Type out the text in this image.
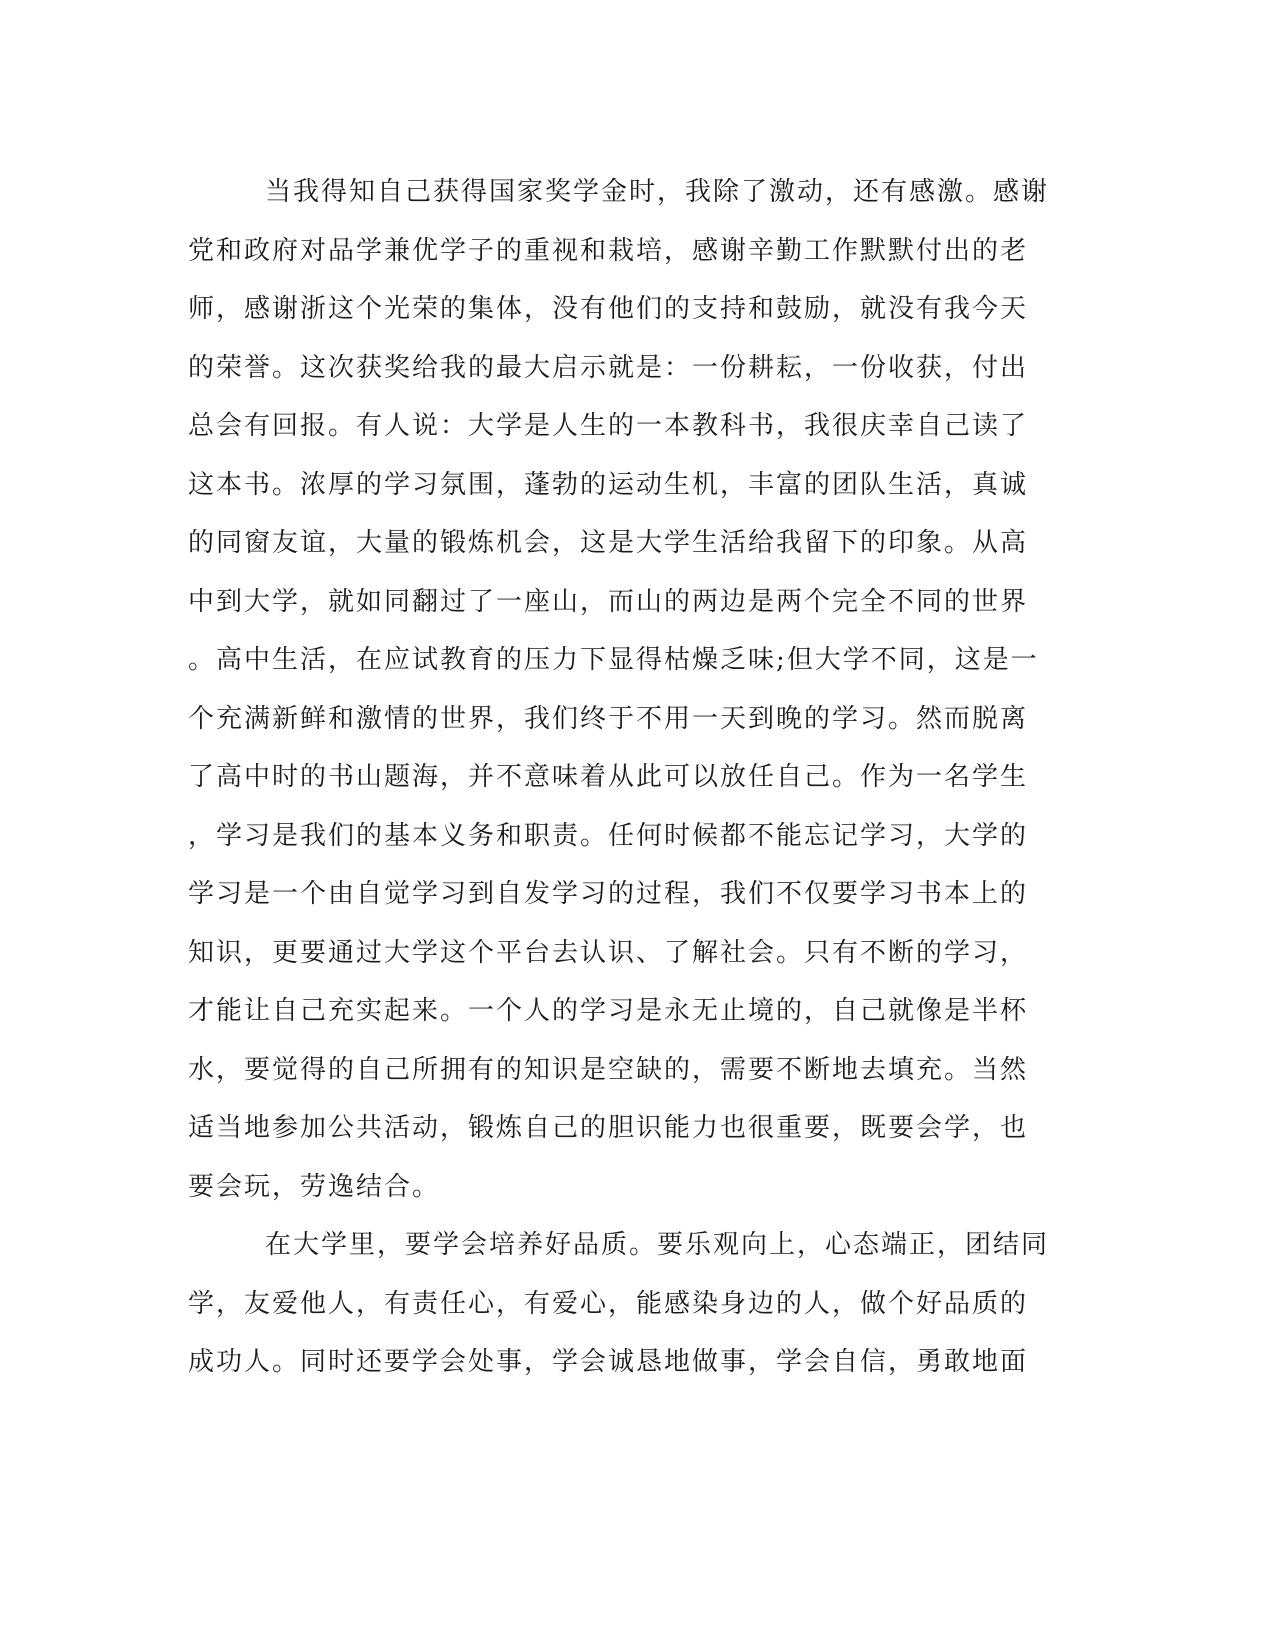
当我得知自己获得国家奖学金时，我除了激动，还有感激。感谢
党和政府对品学兼优学子的重视和栽培，感谢辛勤工作默默付出的老
师，感谢浙这个光荣的集体，没有他们的支持和鼓励，就没有我今天
的荣誉。这次获奖给我的最大启示就是：一份耕耘，一份收获，付出
总会有回报。有人说：大学是人生的一本教科书，我很庆幸自己读了
这本书。浓厚的学习氛围，蓬勃的运动生机，丰富的团队生活，真诚
的同窗友谊，大量的锻炼机会，这是大学生活给我留下的印象。从高
中到大学，就如同翻过了一座山，而山的两边是两个完全不同的世界
。高中生活，在应试教育的压力下显得枯燥乏味;但大学不同，这是一
个充满新鲜和激情的世界，我们终于不用一天到晚的学习。然而脱离
了高中时的书山题海，并不意味着从此可以放任自己。作为一名学生
，学习是我们的基本义务和职责。任何时候都不能忘记学习，大学的
学习是一个由自觉学习到自发学习的过程，我们不仅要学习书本上的
知识，更要通过大学这个平台去认识、了解社会。只有不断的学习，
才能让自己充实起来。一个人的学习是永无止境的，自己就像是半杯
水，要觉得的自己所拥有的知识是空缺的，需要不断地去填充。当然
适当地参加公共活动，锻炼自己的胆识能力也很重要，既要会学，也
要会玩，劳逸结合。
在大学里，要学会培养好品质。要乐观向上，心态端正，团结同
学，友爱他人，有责任心，有爱心，能感染身边的人，做个好品质的
成功人。同时还要学会处事，学会诚恳地做事，学会自信，勇敢地面
